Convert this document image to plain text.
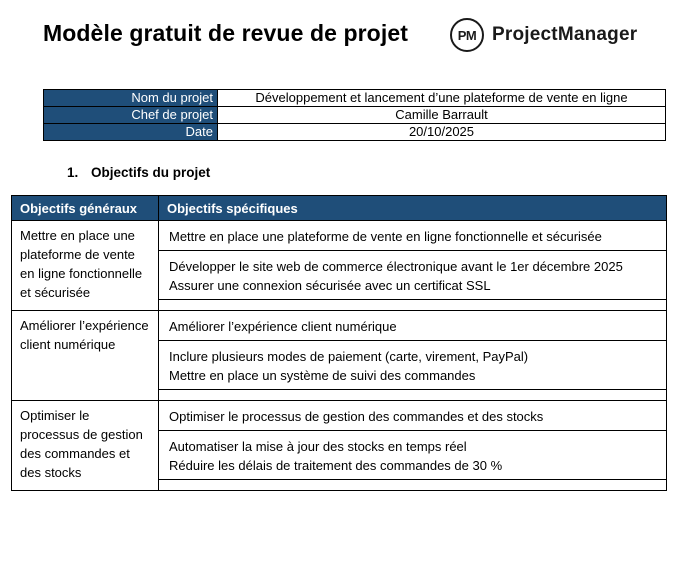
Modèle gratuit de revue de projet	PM ProjectManager
Nom du projet	Développement et lancement d’une plateforme de vente en ligne
Chef de projet	Camille Barrault
Date	20/10/2025
1. Objectifs du projet
Objectifs généraux	Objectifs spécifiques

Mettre en place une plateforme de vente en ligne fonctionnelle et sécurisée	Mettre en place une plateforme de vente en ligne fonctionnelle et sécurisée

	Développer le site web de commerce électronique avant le 1er décembre 2025
Assurer une connexion sécurisée avec un certificat SSL

Améliorer l’expérience client numérique	Améliorer l’expérience client numérique

	Inclure plusieurs modes de paiement (carte, virement, PayPal)
Mettre en place un système de suivi des commandes

Optimiser le processus de gestion des commandes et des stocks	Optimiser le processus de gestion des commandes et des stocks

	Automatiser la mise à jour des stocks en temps réel
Réduire les délais de traitement des commandes de 30 %
